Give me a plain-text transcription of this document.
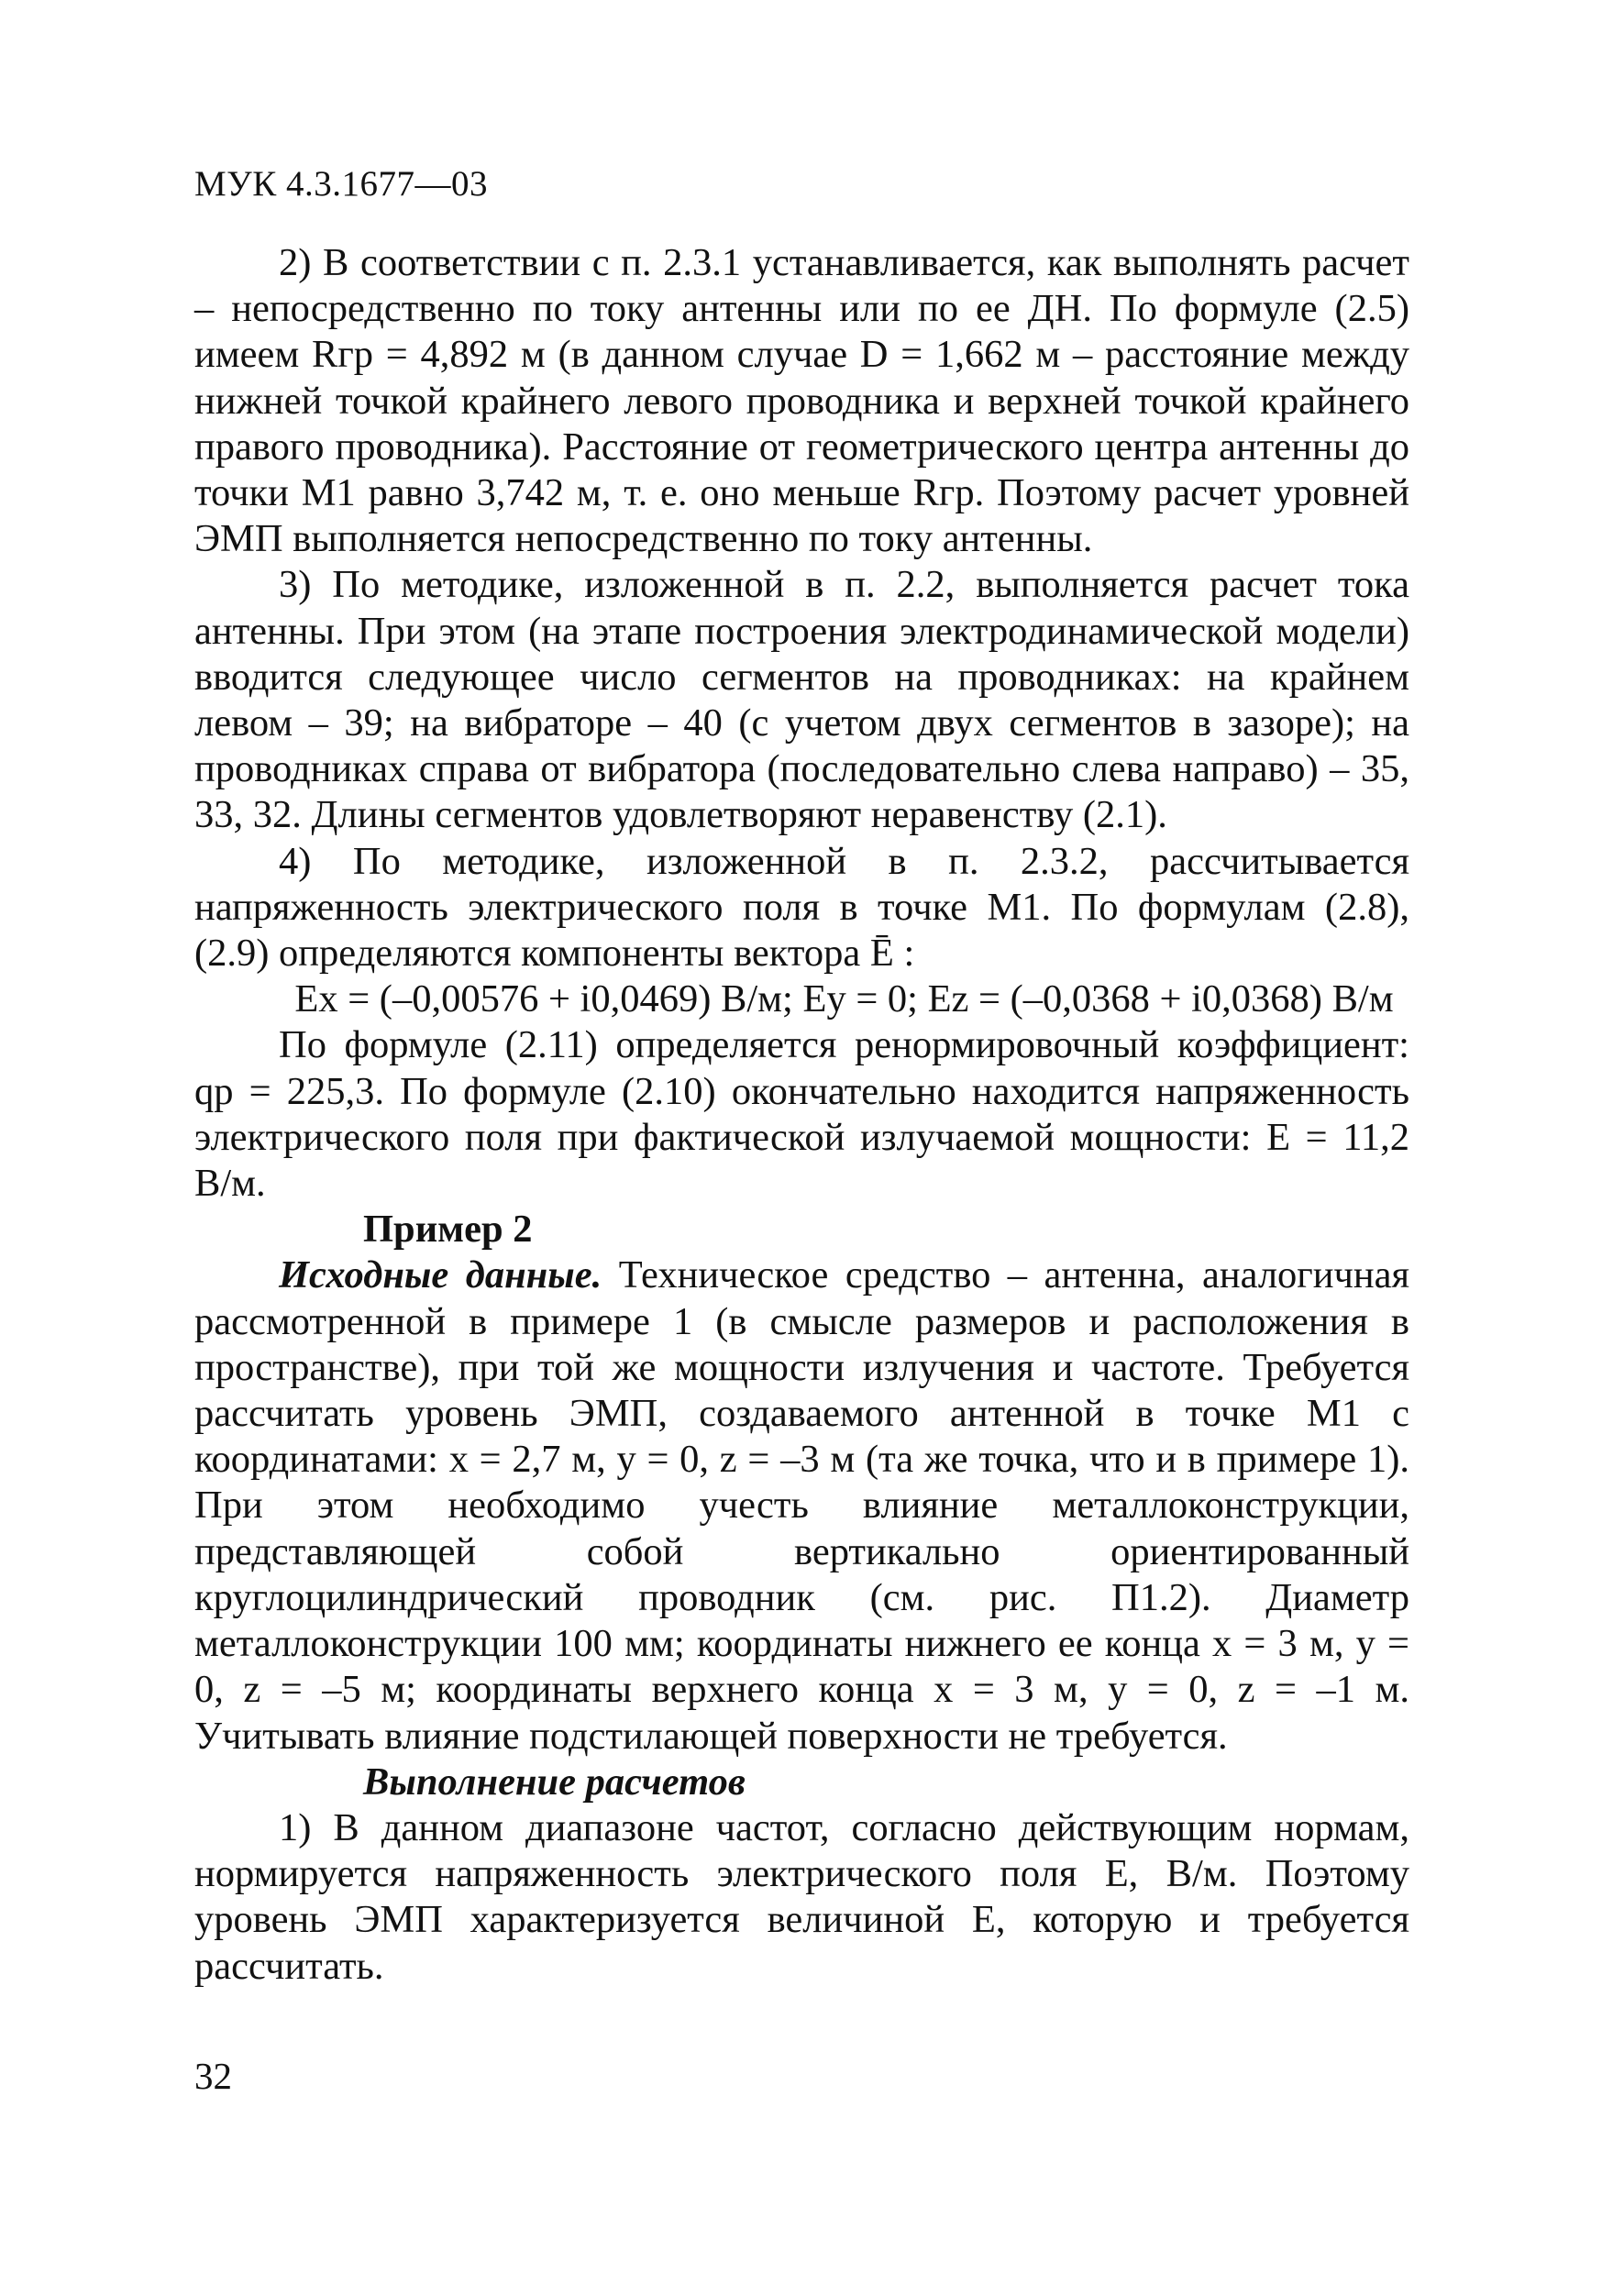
МУК 4.3.1677—03

2) В соответствии с п. 2.3.1 устанавливается, как выполнять расчет – непосредственно по току антенны или по ее ДН. По формуле (2.5) имеем Rгр = 4,892 м (в данном случае D = 1,662 м – расстояние между нижней точкой крайнего левого проводника и верхней точкой крайнего правого проводника). Расстояние от геометрического центра антенны до точки М1 равно 3,742 м, т. е. оно меньше Rгр. Поэтому расчет уровней ЭМП выполняется непосредственно по току антенны.

3) По методике, изложенной в п. 2.2, выполняется расчет тока антенны. При этом (на этапе построения электродинамической модели) вводится следующее число сегментов на проводниках: на крайнем левом – 39; на вибраторе – 40 (с учетом двух сегментов в зазоре); на проводниках справа от вибратора (последовательно слева направо) – 35, 33, 32. Длины сегментов удовлетворяют неравенству (2.1).

4) По методике, изложенной в п. 2.3.2, рассчитывается напряженность электрического поля в точке М1. По формулам (2.8), (2.9) определяются компоненты вектора Ē :

Ex = (–0,00576 + i0,0469) В/м; Ey = 0; Ez = (–0,0368 + i0,0368) В/м

По формуле (2.11) определяется ренормировочный коэффициент: qр = 225,3. По формуле (2.10) окончательно находится напряженность электрического поля при фактической излучаемой мощности: E = 11,2 В/м.

Пример 2

Исходные данные. Техническое средство – антенна, аналогичная рассмотренной в примере 1 (в смысле размеров и расположения в пространстве), при той же мощности излучения и частоте. Требуется рассчитать уровень ЭМП, создаваемого антенной в точке М1 с координатами: x = 2,7 м, y = 0, z = –3 м (та же точка, что и в примере 1). При этом необходимо учесть влияние металлоконструкции, представляющей собой вертикально ориентированный круглоцилиндрический проводник (см. рис. П1.2). Диаметр металлоконструкции 100 мм; координаты нижнего ее конца x = 3 м, y = 0, z = –5 м; координаты верхнего конца x = 3 м, y = 0, z = –1 м. Учитывать влияние подстилающей поверхности не требуется.

Выполнение расчетов

1) В данном диапазоне частот, согласно действующим нормам, нормируется напряженность электрического поля E, В/м. Поэтому уровень ЭМП характеризуется величиной E, которую и требуется рассчитать.

32
